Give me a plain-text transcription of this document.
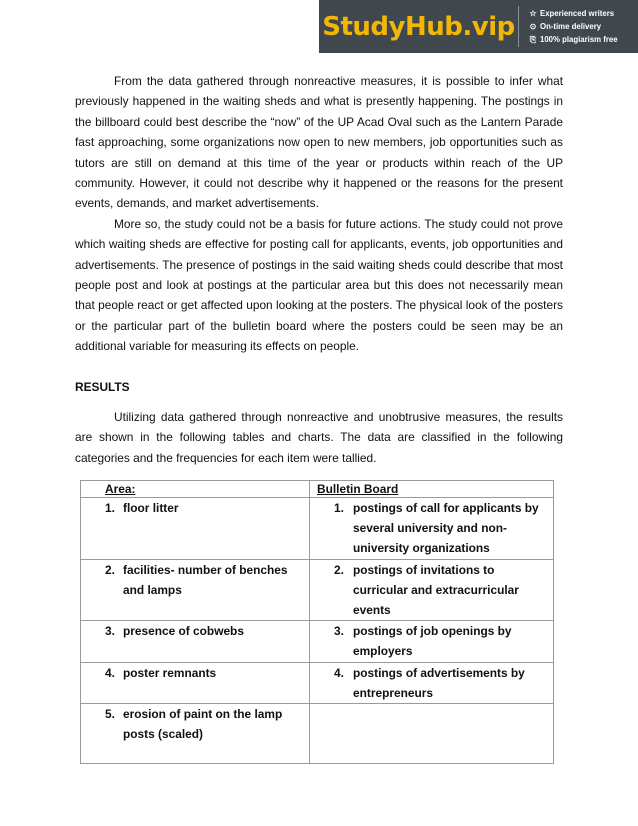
StudyHub.vip	☆ Experienced writers
⊙ On-time delivery
⎘ 100% plagiarism free

From the data gathered through nonreactive measures, it is possible to infer what previously happened in the waiting sheds and what is presently happening. The postings in the billboard could best describe the “now” of the UP Acad Oval such as the Lantern Parade fast approaching, some organizations now open to new members, job opportunities such as tutors are still on demand at this time of the year or products within reach of the UP community. However, it could not describe why it happened or the reasons for the present events, demands, and market advertisements.

More so, the study could not be a basis for future actions. The study could not prove which waiting sheds are effective for posting call for applicants, events, job opportunities and advertisements. The presence of postings in the said waiting sheds could describe that most people post and look at postings at the particular area but this does not necessarily mean that people react or get affected upon looking at the posters. The physical look of the posters or the particular part of the bulletin board where the posters could be seen may be an additional variable for measuring its effects on people.

RESULTS

Utilizing data gathered through nonreactive and unobtrusive measures, the results are shown in the following tables and charts. The data are classified in the following categories and the frequencies for each item were tallied.

Area:	Bulletin Board

1. floor litter	1. postings of call for applicants by several university and non-university organizations

2. facilities- number of benches and lamps	2. postings of invitations to curricular and extracurricular events

3. presence of cobwebs	3. postings of job openings by employers

4. poster remnants	4. postings of advertisements by entrepreneurs

5. erosion of paint on the lamp posts (scaled)	
